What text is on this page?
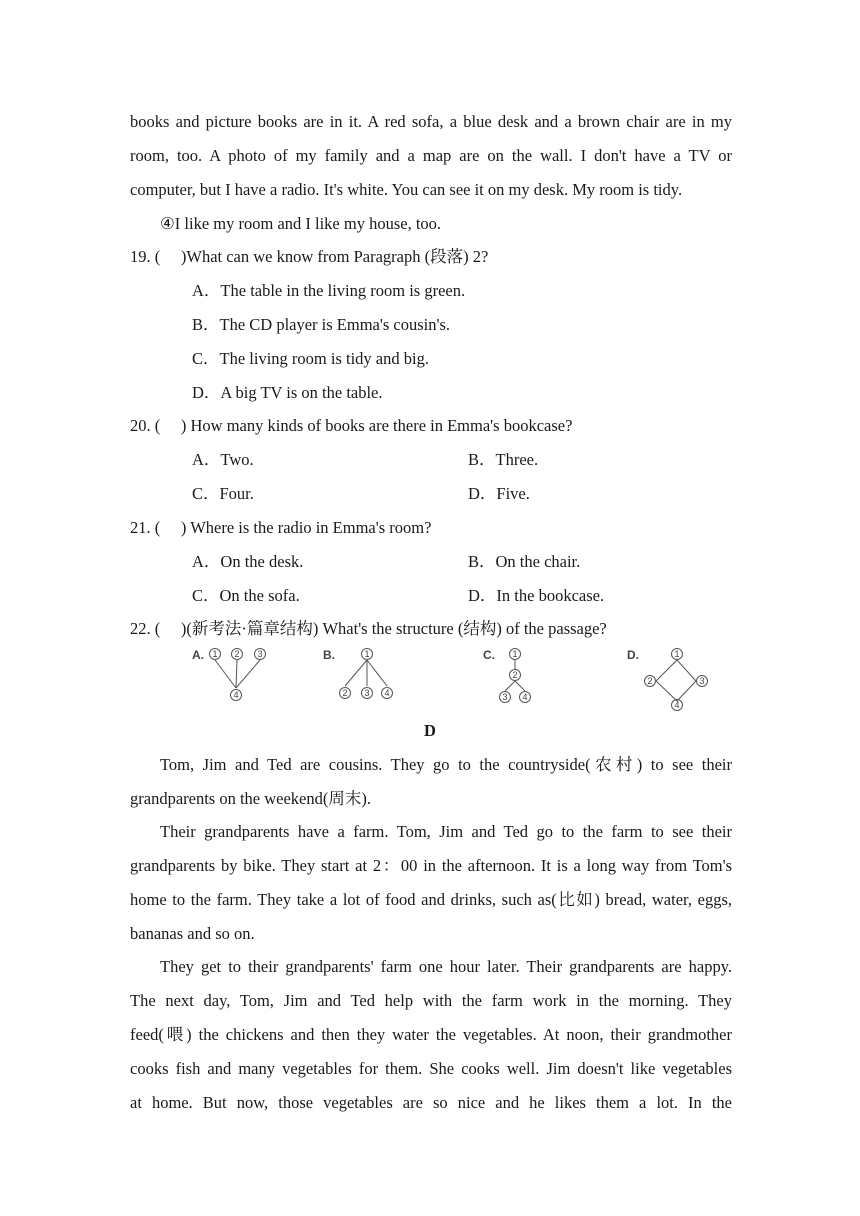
books and picture books are in it. A red sofa, a blue desk and a brown chair are in my
room, too. A photo of my family and a map are on the wall. I don't have a TV or
computer, but I have a radio. It's white. You can see it on my desk. My room is tidy.
④I like my room and I like my house, too.
19. (　 )What can we know from Paragraph (段落) 2?
A．The table in the living room is green.
B．The CD player is Emma's cousin's.
C．The living room is tidy and big.
D．A big TV is on the table.
20. (　 ) How many kinds of books are there in Emma's bookcase?
A．Two.	B．Three.
C．Four.	D．Five.
21. (　 ) Where is the radio in Emma's room?
A．On the desk.	B．On the chair.
C．On the sofa.	D．In the bookcase.
22. (　 )(新考法·篇章结构) What's the structure (结构) of the passage?
A. 1 2 3
4
B.	1
2 3 4
C. 1
2
3 4
D.	1
2	3
4
D
Tom, Jim and Ted are cousins. They go to the countryside(农村) to see their
grandparents on the weekend(周末).
Their grandparents have a farm. Tom, Jim and Ted go to the farm to see their
grandparents by bike. They start at 2：00 in the afternoon. It is a long way from Tom's
home to the farm. They take a lot of food and drinks, such as(比如) bread, water, eggs,
bananas and so on.
They get to their grandparents' farm one hour later. Their grandparents are happy.
The next day, Tom, Jim and Ted help with the farm work in the morning. They
feed(喂) the chickens and then they water the vegetables. At noon, their grandmother
cooks fish and many vegetables for them. She cooks well. Jim doesn't like vegetables
at home. But now, those vegetables are so nice and he likes them a lot. In the
